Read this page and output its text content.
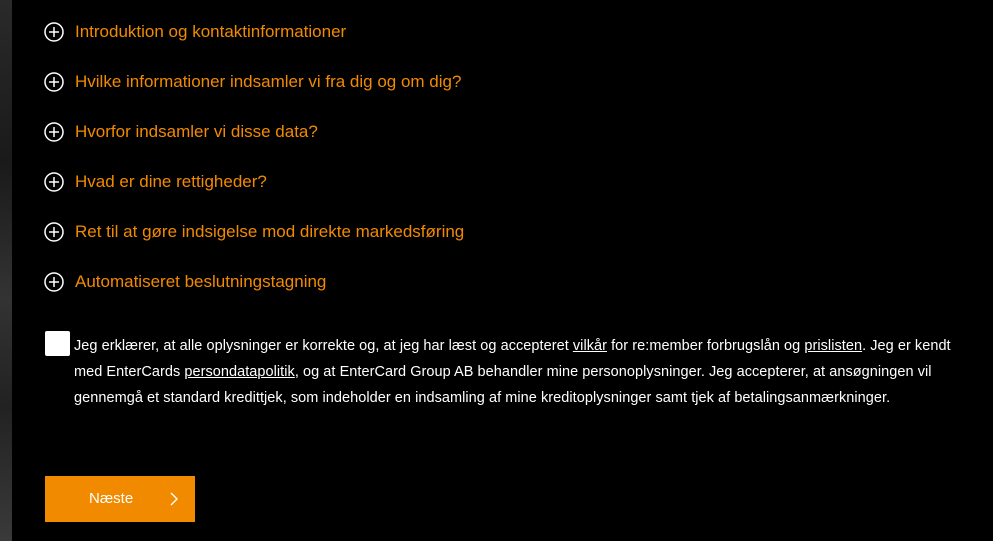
Introduktion og kontaktinformationer
Hvilke informationer indsamler vi fra dig og om dig?
Hvorfor indsamler vi disse data?
Hvad er dine rettigheder?
Ret til at gøre indsigelse mod direkte markedsføring
Automatiseret beslutningstagning
Jeg erklærer, at alle oplysninger er korrekte og, at jeg har læst og accepteret vilkår for re:member forbrugslån og prislisten. Jeg er kendt med EnterCards persondatapolitik, og at EnterCard Group AB behandler mine personoplysninger. Jeg accepterer, at ansøgningen vil gennemgå et standard kredittjek, som indeholder en indsamling af mine kreditoplysninger samt tjek af betalingsanmærkninger.
Næste
